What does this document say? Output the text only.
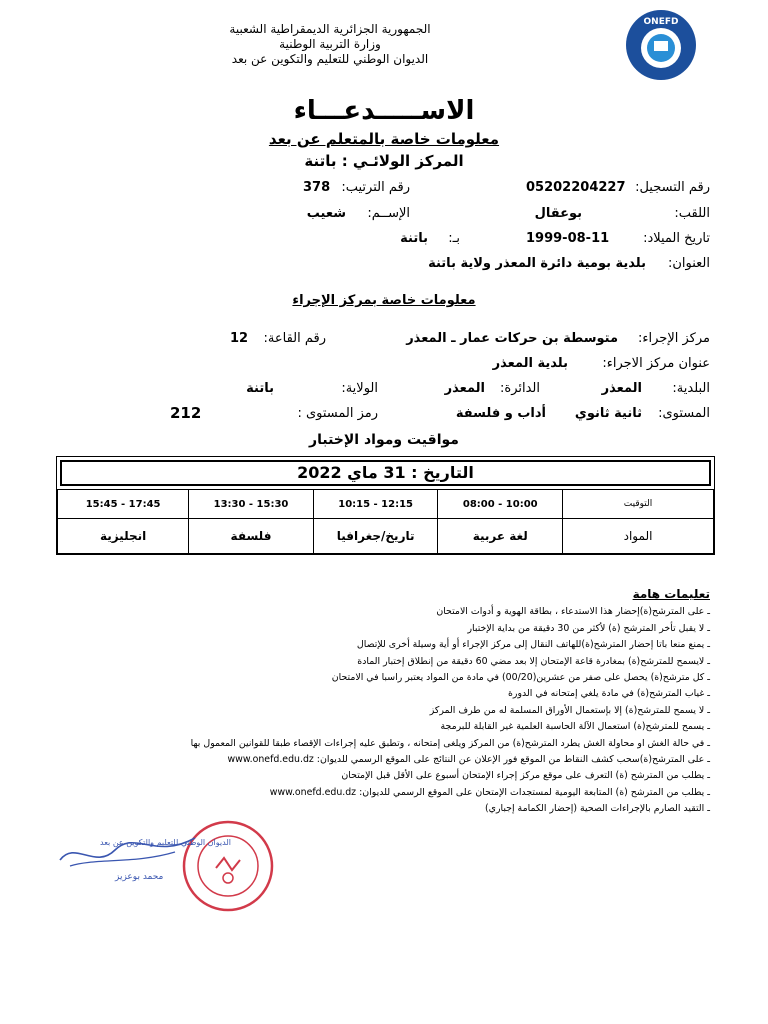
الجمهورية الجزائرية الديمقراطية الشعبية
وزارة التربية الوطنية
الديوان الوطني للتعليم والتكوين عن بعد
ONEFD
الاســـــدعـــاء
معلومات خاصة بالمتعلم عن بعد
المركز الولائـي : باتنة
رقم التسجيل:
05202204227
رقم الترتيب:
378
اللقب:
بوعقال
الإســم:
شعيب
تاريخ الميلاد:
1999-08-11
بـ:
باتنة
العنوان:
بلدية بومية دائرة المعذر ولاية باتنة
معلومات خاصة بمركز الإجراء
مركز الإجراء:
متوسطة بن حركات عمار ـ المعذر
رقم القاعة:
12
عنوان مركز الاجراء:
بلدية المعذر
البلدية:
المعذر
الدائرة:
المعذر
الولاية:
باتنة
المستوى:
ثانية ثانوي
أداب و فلسفة
رمز المستوى :
212
مواقيت ومواد الإختبار
التاريخ : 31 ماي 2022
15:45 - 17:45	13:30 - 15:30	10:15 - 12:15	08:00 - 10:00	التوقيت
انجليزية	فلسفة	تاريخ/جغرافيا	لغة عربية	المواد
تعليمات هامة
ـ على المترشح(ة)إحضار هذا الاستدعاء ، بطاقة الهوية و أدوات الامتحان
ـ لا يقبل تأخر المترشح (ة) لأكثر من 30 دقيقة من بداية الإختبار
ـ يمنع منعا باتا إحضار المترشح(ة)للهاتف النقال إلى مركز الإجراء أو أية وسيلة أخرى للإتصال
ـ لايسمح للمترشح(ة) بمغادرة قاعة الإمتحان إلا بعد مضي 60 دقيقة من إنطلاق إختبار المادة
ـ كل مترشح(ة) يحصل على صفر من عشرين(00/20) في مادة من المواد يعتبر راسبا في الامتحان
ـ غياب المترشح(ة) في مادة يلغي إمتحانه في الدورة
ـ لا يسمح للمترشح(ة) إلا بإستعمال الأوراق المسلمة له من طرف المركز
ـ يسمح للمترشح(ة) استعمال الآلة الحاسبة العلمية غير القابلة للبرمجة
ـ في حالة الغش او محاولة الغش يطرد المترشح(ة) من المركز ويلغى إمتحانه ، وتطبق عليه إجراءات الإقصاء طبقا للقوانين المعمول بها
ـ على المترشح(ة)سحب كشف النقاط من الموقع فور الإعلان عن النتائج على الموقع الرسمي للديوان: www.onefd.edu.dz
ـ يطلب من المترشح (ة) التعرف على موقع مركز إجراء الإمتحان أسبوع على الأقل قبل الإمتحان
ـ يطلب من المترشح (ة) المتابعة اليومية لمستجدات الإمتحان على الموقع الرسمي للديوان: www.onefd.edu.dz
ـ التقيد الصارم بالإجراءات الصحية (إحضار الكمامة إجباري)
الديوان الوطني للتعليم والتكوين عن بعد
محمد بوعزيز
